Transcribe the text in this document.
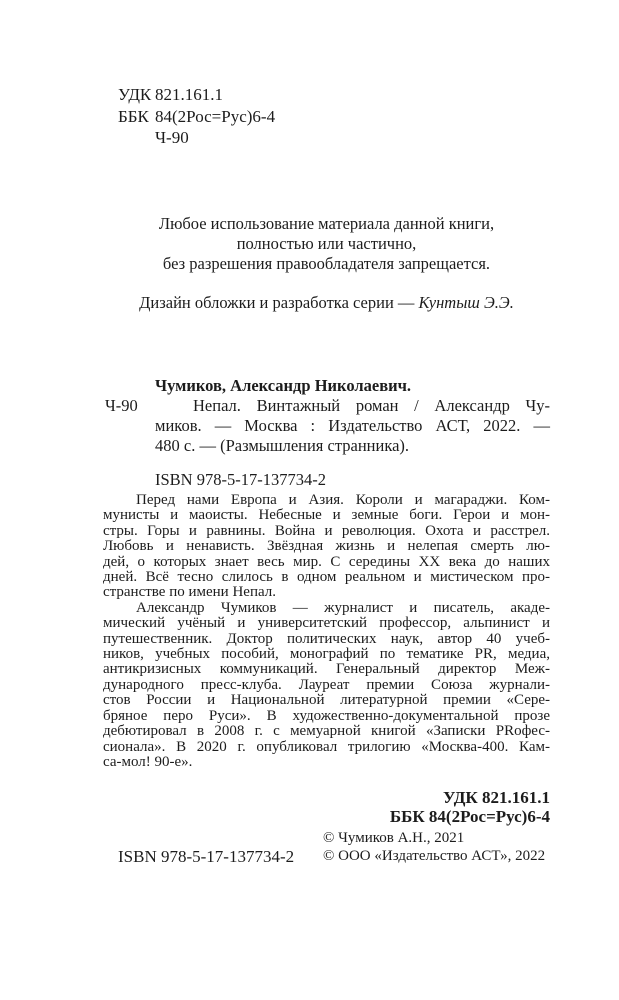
УДК 821.161.1
ББК 84(2Рос=Рус)6-4
Ч-90
Любое использование материала данной книги,
полностью или частично,
без разрешения правообладателя запрещается.
Дизайн обложки и разработка серии — Кунтыш Э.Э.
Чумиков, Александр Николаевич.
Ч-90	Непал. Винтажный роман / Александр Чу-
миков. — Москва : Издательство АСТ, 2022. —
480 с. — (Размышления странника).
ISBN 978-5-17-137734-2
Перед нами Европа и Азия. Короли и магараджи. Ком-
мунисты и маоисты. Небесные и земные боги. Герои и мон-
стры. Горы и равнины. Война и революция. Охота и расстрел.
Любовь и ненависть. Звёздная жизнь и нелепая смерть лю-
дей, о которых знает весь мир. С середины XX века до наших
дней. Всё тесно слилось в одном реальном и мистическом про-
странстве по имени Непал.
Александр Чумиков — журналист и писатель, акаде-
мический учёный и университетский профессор, альпинист и
путешественник. Доктор политических наук, автор 40 учеб-
ников, учебных пособий, монографий по тематике PR, медиа,
антикризисных коммуникаций. Генеральный директор Меж-
дународного пресс-клуба. Лауреат премии Союза журнали-
стов России и Национальной литературной премии «Сере-
бряное перо Руси». В художественно-документальной прозе
дебютировал в 2008 г. с мемуарной книгой «Записки PRофес-
сионала». В 2020 г. опубликовал трилогию «Москва-400. Кам-
са-мол! 90-е».
УДК 821.161.1
ББК 84(2Рос=Рус)6-4
© Чумиков А.Н., 2021
© ООО «Издательство АСТ», 2022
ISBN 978-5-17-137734-2
